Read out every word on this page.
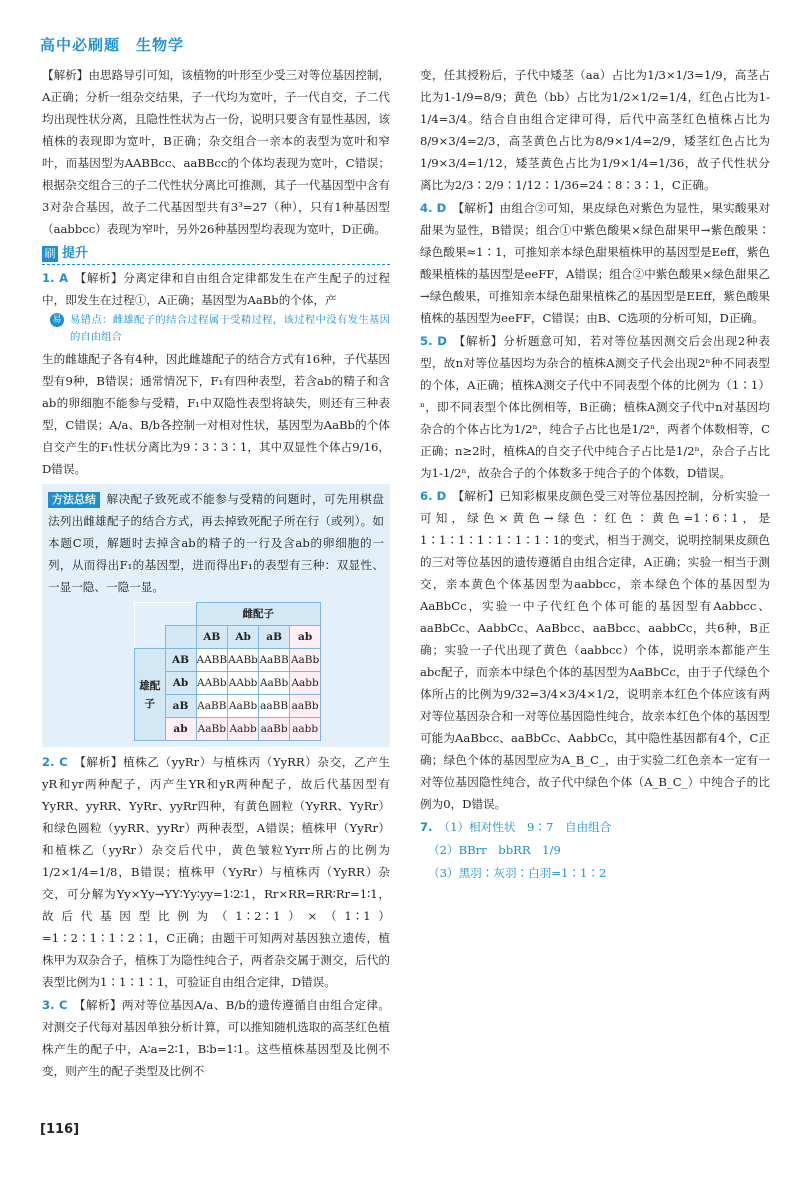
高中必刷题　生物学

【解析】由思路导引可知，该植物的叶形至少受三对等位基因控制，A正确；分析一组杂交结果，子一代均为宽叶，子一代自交，子二代均出现性状分离，且隐性性状为占一份，说明只要含有显性基因，该植株的表现即为宽叶，B正确；杂交组合一亲本的表型为宽叶和窄叶，而基因型为AABBcc、aaBBcc的个体均表现为宽叶，C错误；根据杂交组合三的子二代性状分离比可推测，其子一代基因型中含有3对杂合基因，故子二代基因型共有3³=27（种），只有1种基因型（aabbcc）表现为窄叶，另外26种基因型均表现为宽叶，D正确。

刷 提升

1. A 【解析】分离定律和自由组合定律都发生在产生配子的过程中，即发生在过程①，A正确；基因型为AaBb的个体，产

易 易错点：雌雄配子的结合过程属于受精过程，该过程中没有发生基因的自由组合

生的雌雄配子各有4种，因此雌雄配子的结合方式有16种，子代基因型有9种，B错误；通常情况下，F₁有四种表型，若含ab的精子和含ab的卵细胞不能参与受精，F₁中双隐性表型将缺失，则还有三种表型，C错误；A/a、B/b各控制一对相对性状，基因型为AaBb的个体自交产生的F₁性状分离比为9∶3∶3∶1，其中双显性个体占9/16，D错误。

方法总结 解决配子致死或不能参与受精的问题时，可先用棋盘法列出雌雄配子的结合方式，再去掉致死配子所在行（或列）。如本题C项，解题时去掉含ab的精子的一行及含ab的卵细胞的一列，从而得出F₁的基因型，进而得出F₁的表型有三种：双显性、一显一隐、一隐一显。
		雌配子			
		AB	Ab	aB	ab
雄配子	AB	AABB	AABb	AaBB	AaBb
	Ab	AABb	AAbb	AaBb	Aabb
	aB	AaBB	AaBb	aaBB	aaBb
	ab	AaBb	Aabb	aaBb	aabb

2. C 【解析】植株乙（yyRr）与植株丙（YyRR）杂交，乙产生yR和yr两种配子，丙产生YR和yR两种配子，故后代基因型有YyRR、yyRR、YyRr、yyRr四种，有黄色圆粒（YyRR、YyRr）和绿色圆粒（yyRR、yyRr）两种表型，A错误；植株甲（YyRr）和植株乙（yyRr）杂交后代中，黄色皱粒Yyrr所占的比例为1/2×1/4=1/8，B错误；植株甲（YyRr）与植株丙（YyRR）杂交，可分解为Yy×Yy→YY∶Yy∶yy=1∶2∶1，Rr×RR=RR∶Rr=1∶1，故后代基因型比例为（1∶2∶1）×（1∶1）=1∶2∶1∶1∶2∶1，C正确；由题干可知两对基因独立遗传，植株甲为双杂合子，植株丁为隐性纯合子，两者杂交属于测交，后代的表型比例为1∶1∶1∶1，可验证自由组合定律，D错误。

3. C 【解析】两对等位基因A/a、B/b的遗传遵循自由组合定律。对测交子代每对基因单独分析计算，可以推知随机选取的高茎红色植株产生的配子中，A∶a=2∶1，B∶b=1∶1。这些植株基因型及比例不变，则产生的配子类型及比例不

变，任其授粉后，子代中矮茎（aa）占比为1/3×1/3=1/9，高茎占比为1-1/9=8/9；黄色（bb）占比为1/2×1/2=1/4，红色占比为1-1/4=3/4。结合自由组合定律可得，后代中高茎红色植株占比为8/9×3/4=2/3，高茎黄色占比为8/9×1/4=2/9，矮茎红色占比为1/9×3/4=1/12，矮茎黄色占比为1/9×1/4=1/36，故子代性状分离比为2/3∶2/9∶1/12∶1/36=24∶8∶3∶1，C正确。

4. D 【解析】由组合②可知，果皮绿色对紫色为显性，果实酸果对甜果为显性，B错误；组合①中紫色酸果×绿色甜果甲→紫色酸果∶绿色酸果≈1∶1，可推知亲本绿色甜果植株甲的基因型是Eeff，紫色酸果植株的基因型是eeFF，A错误；组合②中紫色酸果×绿色甜果乙→绿色酸果，可推知亲本绿色甜果植株乙的基因型是EEff，紫色酸果植株的基因型为eeFF，C错误；由B、C选项的分析可知，D正确。

5. D 【解析】分析题意可知，若对等位基因测交后会出现2种表型，故n对等位基因均为杂合的植株A测交子代会出现2ⁿ种不同表型的个体，A正确；植株A测交子代中不同表型个体的比例为（1∶1）ⁿ，即不同表型个体比例相等，B正确；植株A测交子代中n对基因均杂合的个体占比为1/2ⁿ，纯合子占比也是1/2ⁿ，两者个体数相等，C正确；n≥2时，植株A的自交子代中纯合子占比是1/2ⁿ，杂合子占比为1-1/2ⁿ，故杂合子的个体数多于纯合子的个体数，D错误。

6. D 【解析】已知彩椒果皮颜色受三对等位基因控制，分析实验一可知，绿色×黄色→绿色∶红色∶黄色=1∶6∶1，是1∶1∶1∶1∶1∶1∶1∶1的变式，相当于测交，说明控制果皮颜色的三对等位基因的遗传遵循自由组合定律，A正确；实验一相当于测交，亲本黄色个体基因型为aabbcc，亲本绿色个体的基因型为AaBbCc，实验一中子代红色个体可能的基因型有Aabbcc、aaBbCc、AabbCc、AaBbcc、aaBbcc、aabbCc，共6种，B正确；实验一子代出现了黄色（aabbcc）个体，说明亲本都能产生abc配子，而亲本中绿色个体的基因型为AaBbCc，由于子代绿色个体所占的比例为9/32=3/4×3/4×1/2，说明亲本红色个体应该有两对等位基因杂合和一对等位基因隐性纯合，故亲本红色个体的基因型可能为AaBbcc、aaBbCc、AabbCc，其中隐性基因都有4个，C正确；绿色个体的基因型应为A_B_C_，由于实验二红色亲本一定有一对等位基因隐性纯合，故子代中绿色个体（A_B_C_）中纯合子的比例为0，D错误。

7. （1）相对性状　9∶7　自由组合

（2）BBrr　bbRR　1/9

（3）黑羽∶灰羽∶白羽=1∶1∶2

[116]
